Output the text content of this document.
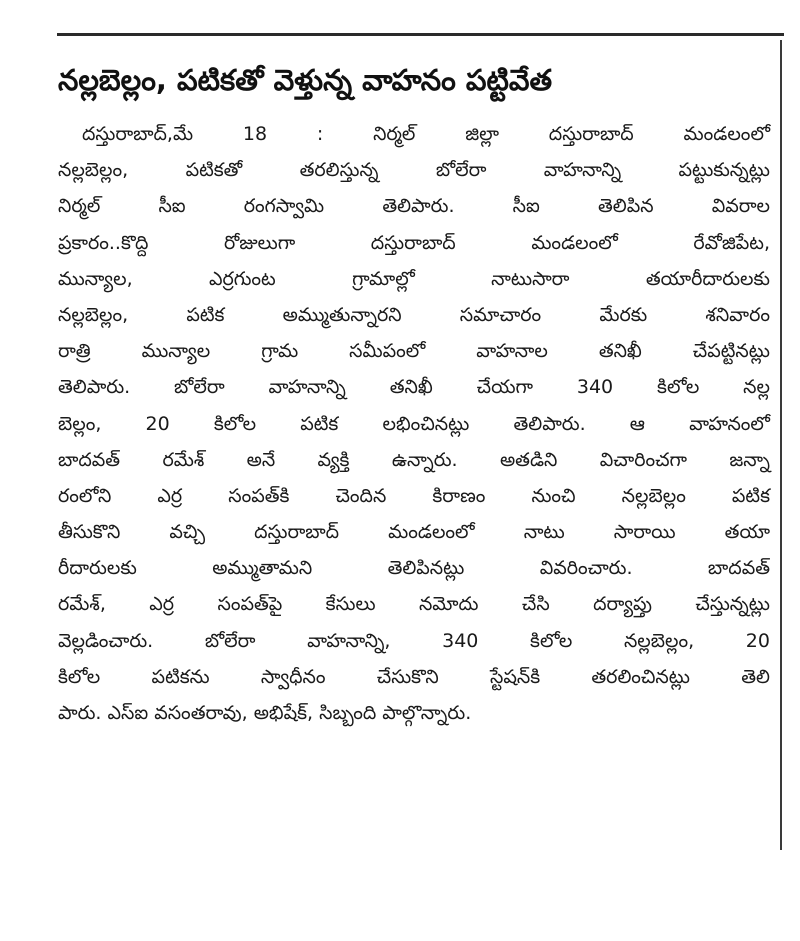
నల్లబెల్లం, పటికతో వెళ్తున్న వాహనం పట్టివేత
దస్తురాబాద్,మే 18 : నిర్మల్ జిల్లా దస్తురాబాద్ మండలంలో
నల్లబెల్లం, పటికతో తరలిస్తున్న బోలేరా వాహనాన్ని పట్టుకున్నట్లు
నిర్మల్ సీఐ రంగస్వామి తెలిపారు. సీఐ తెలిపిన వివరాల
ప్రకారం..కొద్ది రోజులుగా దస్తురాబాద్ మండలంలో రేవోజిపేట,
మున్యాల, ఎర్రగుంట గ్రామాల్లో నాటుసారా తయారీదారులకు
నల్లబెల్లం, పటిక అమ్ముతున్నారని సమాచారం మేరకు శనివారం
రాత్రి మున్యాల గ్రామ సమీపంలో వాహనాల తనిఖీ చేపట్టినట్లు
తెలిపారు. బోలేరా వాహనాన్ని తనిఖీ చేయగా 340 కిలోల నల్ల
బెల్లం, 20 కిలోల పటిక లభించినట్లు తెలిపారు. ఆ వాహనంలో
బాదవత్ రమేశ్ అనే వ్యక్తి ఉన్నారు. అతడిని విచారించగా జన్నా
రంలోని ఎర్ర సంపత్‌కి చెందిన కిరాణం నుంచి నల్లబెల్లం పటిక
తీసుకొని వచ్చి దస్తురాబాద్ మండలంలో నాటు సారాయి తయా
రీదారులకు అమ్ముతామని తెలిపినట్లు వివరించారు. బాదవత్
రమేశ్, ఎర్ర సంపత్‌పై కేసులు నమోదు చేసి దర్యాప్తు చేస్తున్నట్లు
వెల్లడించారు. బోలేరా వాహనాన్ని, 340 కిలోల నల్లబెల్లం, 20
కిలోల పటికను స్వాధీనం చేసుకొని స్టేషన్‌కి తరలించినట్లు తెలి
పారు. ఎస్ఐ వసంతరావు, అభిషేక్, సిబ్బంది పాల్గొన్నారు.
